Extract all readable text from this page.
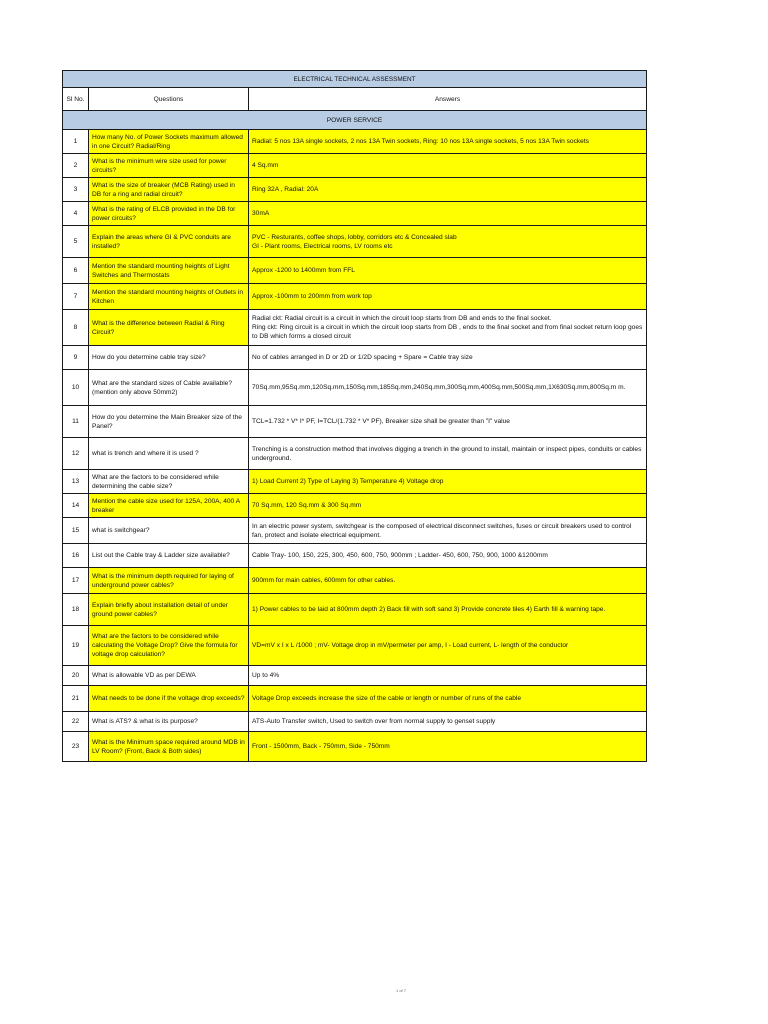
ELECTRICAL TECHNICAL ASSESSMENT		
Sl No.	Questions	Answers
POWER SERVICE		
1	How many No. of Power Sockets maximum allowed in one Circuit? Radial/Ring	Radial: 5 nos 13A single sockets, 2 nos 13A Twin sockets, Ring: 10 nos 13A single sockets, 5 nos 13A Twin sockets

2	What is the minimum wire size used for power circuits?	4 Sq.mm

3	What is the size of breaker (MCB Rating) used in DB for a ring and radial circuit?	Ring 32A , Radial: 20A

4	What is the rating of ELCB provided in the DB for power circuits?	30mA

5	Explain the areas where GI & PVC conduits are installed?	PVC - Resturants, coffee shops, lobby, corridors etc & Concealed slab
GI - Plant rooms, Electrical rooms, LV rooms etc

6	Mention the standard mounting heights of Light Switches and Thermostats	Approx -1200 to 1400mm from FFL

7	Mention the standard mounting heights of Outlets in Kitchen	Approx -100mm to 200mm from work top

8	What is the difference between Radial & Ring Circuit?	Radial ckt: Radial circuit is a circuit in which the circuit loop starts from DB and ends to the final socket.
Ring ckt: Ring circuit is a circuit in which the circuit loop starts from DB , ends to the final socket and from final socket return loop goes to DB which forms a closed circuit

9	How do you determine cable tray size?	No of cables arranged in D or 2D or 1/2D spacing + Spare = Cable tray size

10	What are the standard sizes of Cable available? (mention only above 50mm2)	70Sq.mm,95Sq.mm,120Sq.mm,150Sq.mm,185Sq.mm,240Sq.mm,300Sq.mm,400Sq.mm,500Sq.mm,1X630Sq.mm,800Sq.m m.

11	How do you determine the Main Breaker size of the Panel?	TCL=1.732 * V* I* PF, I=TCL/(1.732 * V* PF), Breaker size shall be greater than "I" value

12	what is trench and where it is used ?	Trenching is a construction method that involves digging a trench in the ground to install, maintain or inspect pipes, conduits or cables underground.

13	What are the factors to be considered while determining the cable size?	1) Load Current 2) Type of Laying 3) Temperature 4) Voltage drop

14	Mention the cable size used for 125A, 200A, 400 A breaker	70 Sq.mm, 120 Sq.mm & 300 Sq.mm

15	what is switchgear?	In an electric power system, switchgear is the composed of electrical disconnect switches, fuses or circuit breakers used to control fan, protect and isolate electrical equipment.

16	List out the Cable tray & Ladder size available?	Cable Tray- 100, 150, 225, 300, 450, 600, 750, 900mm ; Ladder- 450, 600, 750, 900, 1000 &1200mm

17	What is the minimum depth required for laying of underground power cables?	900mm for main cables, 600mm for other cables.

18	Explain briefly about installation detail of under ground power cables?	1) Power cables to be laid at 800mm depth 2) Back fill with soft sand 3) Provide concrete tiles 4) Earth fill & warning tape.

19	What are the factors to be considered while calculating the Voltage Drop? Give the formula for voltage drop calculation?	VD=mV x I x L /1000 ; mV- Voltage drop in mV/permeter per amp, I - Load current, L- length of the conductor

20	What is allowable VD as per DEWA	Up to 4%

21	What needs to be done if the voltage drop exceeds?	Voltage Drop exceeds increase the size of the cable or length or number of runs of the cable

22	What is ATS? & what is its purpose?	ATS-Auto Transfer switch, Used to switch over from normal supply to genset supply

23	What is the Minimum space required around MDB in LV Room? (Front, Back & Both sides)	Front - 1500mm, Back - 750mm, Side - 750mm
1 of 7
